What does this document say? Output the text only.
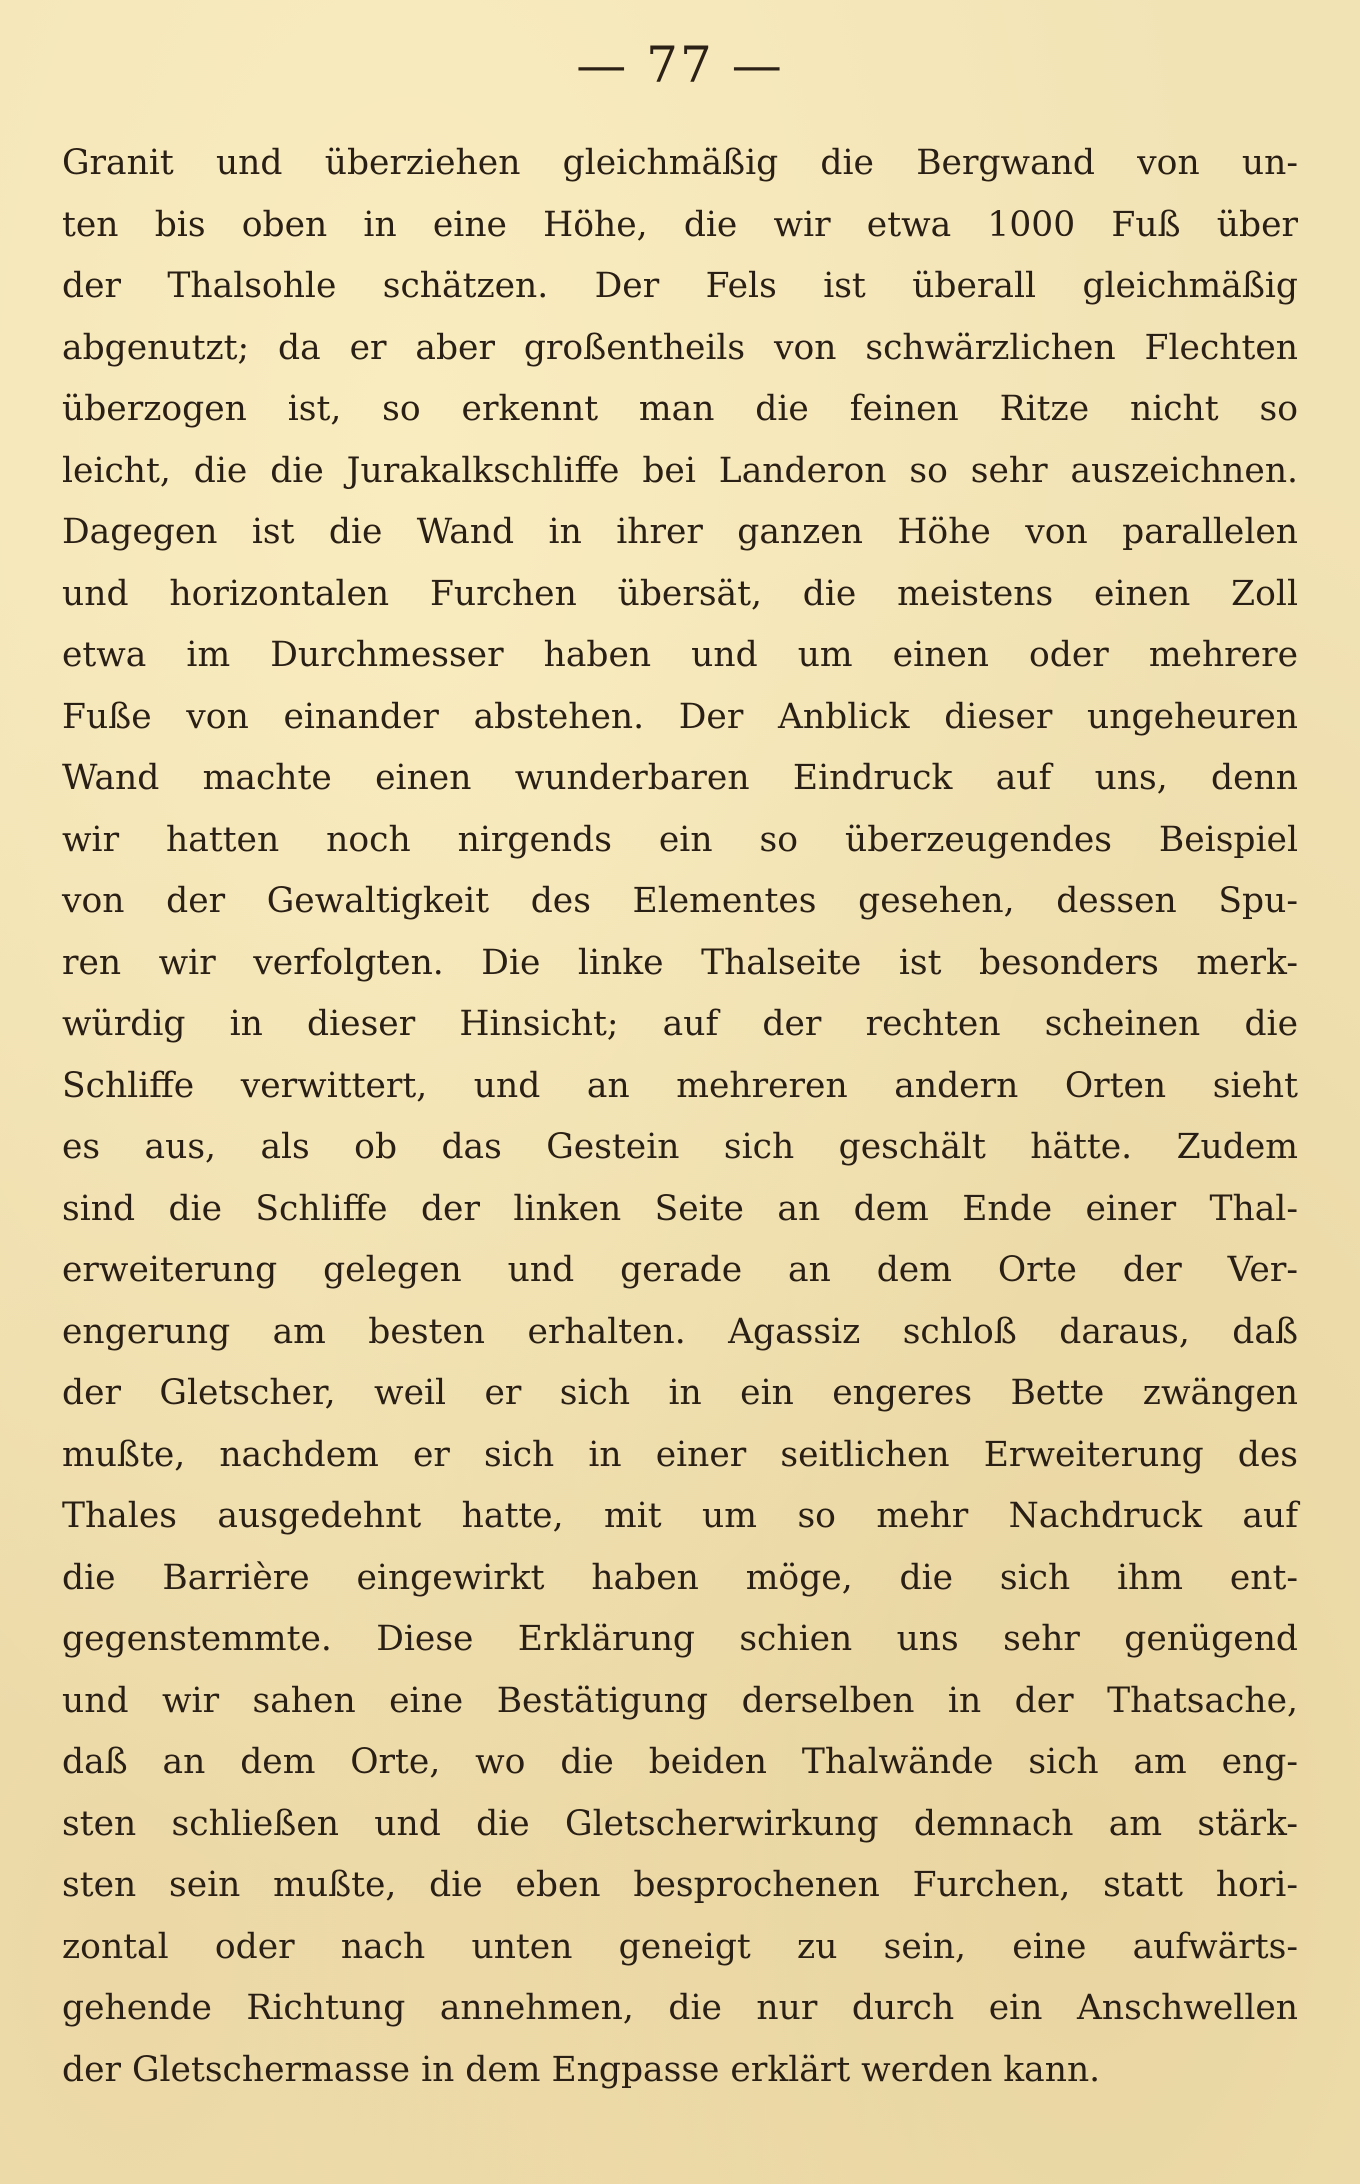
— 77 —
Granit und überziehen gleichmäßig die Bergwand von un-
ten bis oben in eine Höhe, die wir etwa 1000 Fuß über
der Thalsohle schätzen. Der Fels ist überall gleichmäßig
abgenutzt; da er aber großentheils von schwärzlichen Flechten
überzogen ist, so erkennt man die feinen Ritze nicht so
leicht, die die Jurakalkschliffe bei Landeron so sehr auszeichnen.
Dagegen ist die Wand in ihrer ganzen Höhe von parallelen
und horizontalen Furchen übersät, die meistens einen Zoll
etwa im Durchmesser haben und um einen oder mehrere
Fuße von einander abstehen. Der Anblick dieser ungeheuren
Wand machte einen wunderbaren Eindruck auf uns, denn
wir hatten noch nirgends ein so überzeugendes Beispiel
von der Gewaltigkeit des Elementes gesehen, dessen Spu-
ren wir verfolgten. Die linke Thalseite ist besonders merk-
würdig in dieser Hinsicht; auf der rechten scheinen die
Schliffe verwittert, und an mehreren andern Orten sieht
es aus, als ob das Gestein sich geschält hätte. Zudem
sind die Schliffe der linken Seite an dem Ende einer Thal-
erweiterung gelegen und gerade an dem Orte der Ver-
engerung am besten erhalten. Agassiz schloß daraus, daß
der Gletscher, weil er sich in ein engeres Bette zwängen
mußte, nachdem er sich in einer seitlichen Erweiterung des
Thales ausgedehnt hatte, mit um so mehr Nachdruck auf
die Barrière eingewirkt haben möge, die sich ihm ent-
gegenstemmte. Diese Erklärung schien uns sehr genügend
und wir sahen eine Bestätigung derselben in der Thatsache,
daß an dem Orte, wo die beiden Thalwände sich am eng-
sten schließen und die Gletscherwirkung demnach am stärk-
sten sein mußte, die eben besprochenen Furchen, statt hori-
zontal oder nach unten geneigt zu sein, eine aufwärts-
gehende Richtung annehmen, die nur durch ein Anschwellen
der Gletschermasse in dem Engpasse erklärt werden kann.
